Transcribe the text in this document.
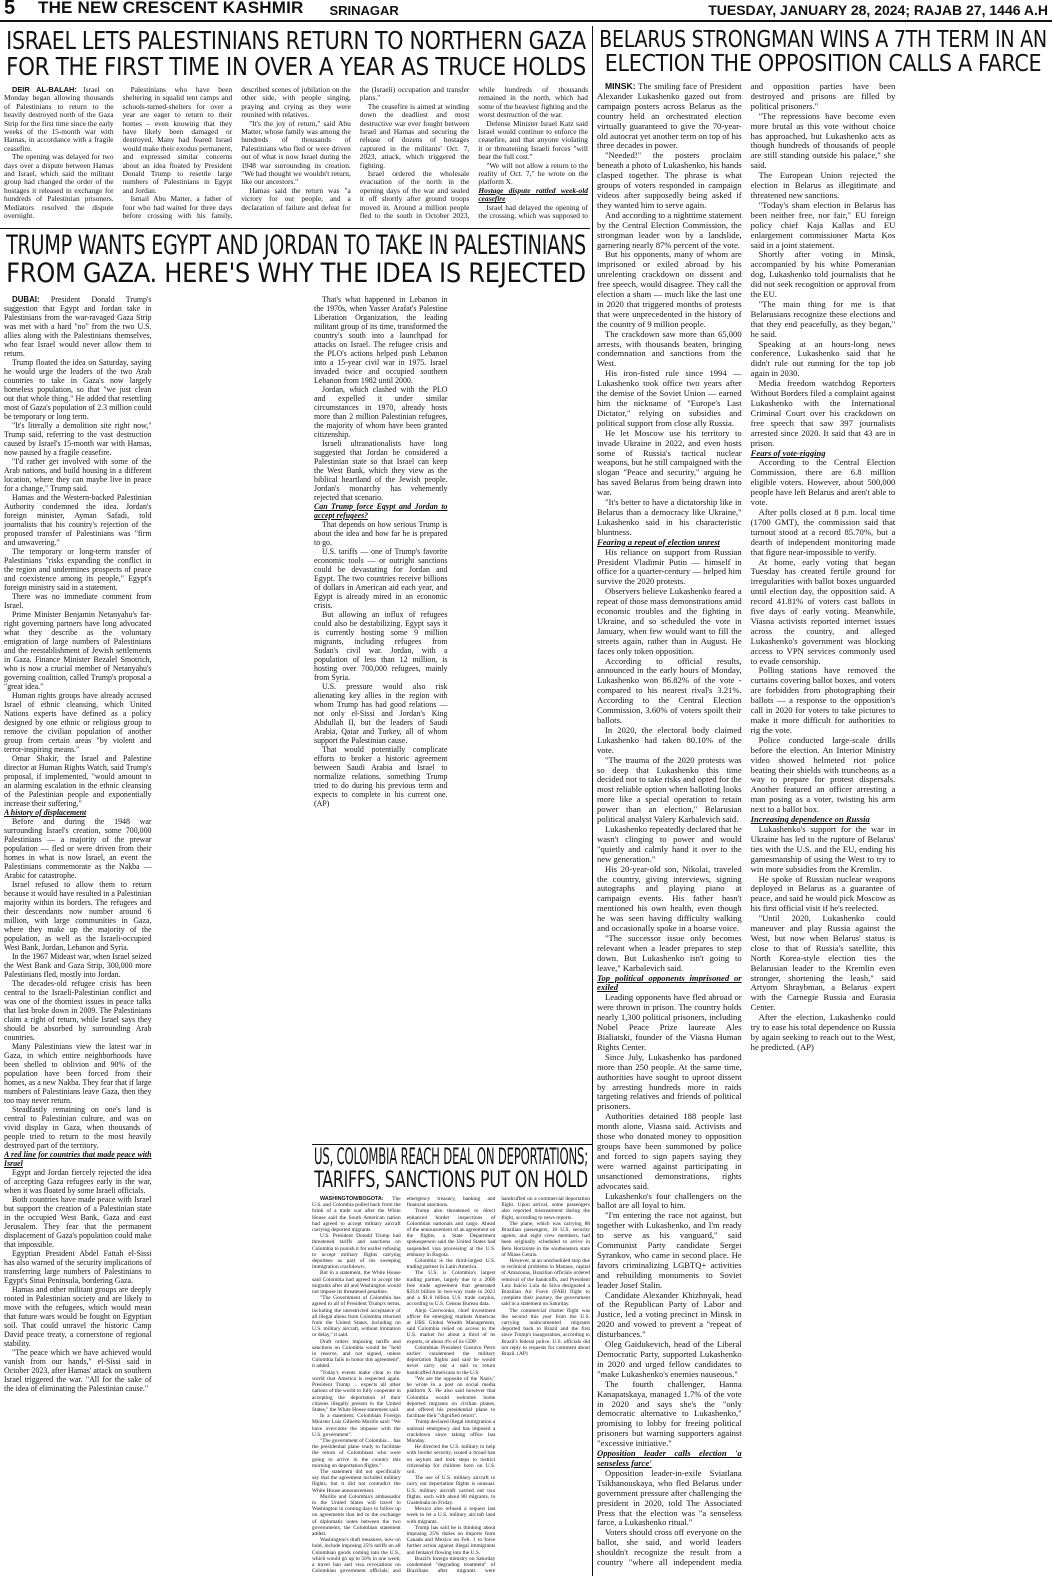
5	THE NEW CRESCENT KASHMIR SRINAGAR	TUESDAY, JANUARY 28, 2024; RAJAB 27, 1446 A.H
ISRAEL LETS PALESTINIANS RETURN TO NORTHERN GAZA
FOR THE FIRST TIME IN OVER A YEAR AS TRUCE HOLDS

DEIR AL-BALAH: Israel on Monday began allowing thousands of Palestinians to return to the heavily destroyed north of the Gaza Strip for the first time since the early weeks of the 15-month war with Hamas, in accordance with a fragile ceasefire.

The opening was delayed for two days over a dispute between Hamas and Israel, which said the militant group had changed the order of the hostages it released in exchange for hundreds of Palestinian prisoners. Mediators resolved the dispute overnight.

Palestinians who have been sheltering in squalid tent camps and schools-turned-shelters for over a year are eager to return to their homes – even knowing that they have likely been damaged or destroyed. Many had feared Israel would make their exodus permanent, and expressed similar concerns about an idea floated by President Donald Trump to resettle large numbers of Palestinians in Egypt and Jordan.

Ismail Abu Matter, a father of four who had waited for three days before crossing with his family, described scenes of jubilation on the other side, with people singing, praying and crying as they were reunited with relatives.

"It's the joy of return," said Abu Matter, whose family was among the hundreds of thousands of Palestinians who fled or were driven out of what is now Israel during the 1948 war surrounding its creation. "We had thought we wouldn't return, like our ancestors."

Hamas said the return was "a victory for our people, and a declaration of failure and defeat for the (Israeli) occupation and transfer plans."

The ceasefire is aimed at winding down the deadliest and most destructive war ever fought between Israel and Hamas and securing the release of dozens of hostages captured in the militants' Oct. 7, 2023, attack, which triggered the fighting.

Israel ordered the wholesale evacuation of the north in the opening days of the war and sealed it off shortly after ground troops moved in. Around a million people fled to the south in October 2023, while hundreds of thousands remained in the north, which had some of the heaviest fighting and the worst destruction of the war.

Defense Minister Israel Katz said Israel would continue to enforce the ceasefire, and that anyone violating it or threatening Israeli forces "will bear the full cost."

"We will not allow a return to the reality of Oct. 7," he wrote on the platform X.

Hostage dispute rattled week-old ceasefire

Israel had delayed the opening of the crossing, which was supposed to

BELARUS STRONGMAN WINS A 7TH TERM IN AN
ELECTION THE OPPOSITION CALLS A FARCE

MINSK: The smiling face of President Alexander Lukashenko gazed out from campaign posters across Belarus as the country held an orchestrated election virtually guaranteed to give the 70-year-old autocrat yet another term on top of his three decades in power.

"Needed!" the posters proclaim beneath a photo of Lukashenko, his hands clasped together. The phrase is what groups of voters responded in campaign videos after supposedly being asked if they wanted him to serve again.

And according to a nighttime statement by the Central Election Commission, the strongman leader won by a landslide, garnering nearly 87% percent of the vote.

But his opponents, many of whom are imprisoned or exiled abroad by his unrelenting crackdown on dissent and free speech, would disagree. They call the election a sham — much like the last one in 2020 that triggered months of protests that were unprecedented in the history of the country of 9 million people.

The crackdown saw more than 65,000 arrests, with thousands beaten, bringing condemnation and sanctions from the West.

His iron-fisted rule since 1994 — Lukashenko took office two years after the demise of the Soviet Union — earned him the nickname of "Europe's Last Dictator," relying on subsidies and political support from close ally Russia.

He let Moscow use his territory to invade Ukraine in 2022, and even hosts some of Russia's tactical nuclear weapons, but he still campaigned with the slogan "Peace and security," arguing he has saved Belarus from being drawn into war.

"It's better to have a dictatorship like in Belarus than a democracy like Ukraine," Lukashenko said in his characteristic bluntness.

Fearing a repeat of election unrest

His reliance on support from Russian President Vladimir Putin — himself in office for a quarter-century — helped him survive the 2020 protests.

Observers believe Lukashenko feared a repeat of those mass demonstrations amid economic troubles and the fighting in Ukraine, and so scheduled the vote in January, when few would want to fill the streets again, rather than in August. He faces only token opposition.

According to official results, announced in the early hours of Monday, Lukashenko won 86.82% of the vote - compared to his nearest rival's 3.21%. According to the Central Election Commission, 3.60% of voters spoilt their ballots.

In 2020, the electoral body claimed Lukashenko had taken 80.10% of the vote.

"The trauma of the 2020 protests was so deep that Lukashenko this time decided not to take risks and opted for the most reliable option when balloting looks more like a special operation to retain power than an election," Belarusian political analyst Valery Karbalevich said.

Lukashenko repeatedly declared that he wasn't clinging to power and would "quietly and calmly hand it over to the new generation."

His 20-year-old son, Nikolai, traveled the country, giving interviews, signing autographs and playing piano at campaign events. His father hasn't mentioned his own health, even though he was seen having difficulty walking and occasionally spoke in a hoarse voice.

"The successor issue only becomes relevant when a leader prepares to step down. But Lukashenko isn't going to leave," Karbalevich said.

Top political opponents imprisoned or exiled

Leading opponents have fled abroad or were thrown in prison. The country holds nearly 1,300 political prisoners, including Nobel Peace Prize laureate Ales Bialiatski, founder of the Viasna Human Rights Center.

Since July, Lukashenko has pardoned more than 250 people. At the same time, authorities have sought to uproot dissent by arresting hundreds more in raids targeting relatives and friends of political prisoners.

Authorities detained 188 people last month alone, Viasna said. Activists and those who donated money to opposition groups have been summoned by police and forced to sign papers saying they were warned against participating in unsanctioned demonstrations, rights advocates said.

Lukashenko's four challengers on the ballot are all loyal to him.

"I'm entering the race not against, but together with Lukashenko, and I'm ready to serve as his vanguard," said Communist Party candidate Sergei Syrankov, who came in second place. He favors criminalizing LGBTQ+ activities and rebuilding monuments to Soviet leader Josef Stalin.

Candidate Alexander Khizhnyak, head of the Republican Party of Labor and Justice, led a voting precinct in Minsk in 2020 and vowed to prevent a "repeat of disturbances."

Oleg Gaidukevich, head of the Liberal Democratic Party, supported Lukashenko in 2020 and urged fellow candidates to "make Lukashenko's enemies nauseous."

The fourth challenger, Hanna Kanapatskaya, managed 1.7% of the vote in 2020 and says she's the "only democratic alternative to Lukashenko," promising to lobby for freeing political prisoners but warning supporters against "excessive initiative."

Opposition leader calls election 'a senseless farce'

Opposition leader-in-exile Sviatlana Tsikhanouskaya, who fled Belarus under government pressure after challenging the president in 2020, told The Associated Press that the election was "a senseless farce, a Lukashenko ritual."

Voters should cross off everyone on the ballot, she said, and world leaders shouldn't recognize the result from a country "where all independent media and opposition parties have been destroyed and prisons are filled by political prisoners."

"The repressions have become even more brutal as this vote without choice has approached, but Lukashenko acts as though hundreds of thousands of people are still standing outside his palace," she said.

The European Union rejected the election in Belarus as illegitimate and threatened new sanctions.

"Today's sham election in Belarus has been neither free, nor fair," EU foreign policy chief Kaja Kallas and EU enlargement commissioner Marta Kos said in a joint statement.

Shortly after voting in Minsk, accompanied by his white Pomeranian dog, Lukashenko told journalists that he did not seek recognition or approval from the EU.

"The main thing for me is that Belarusians recognize these elections and that they end peacefully, as they began," he said.

Speaking at an hours-long news conference, Lukashenko said that he didn't rule out running for the top job again in 2030.

Media freedom watchdog Reporters Without Borders filed a complaint against Lukashenko with the International Criminal Court over his crackdown on free speech that saw 397 journalists arrested since 2020. It said that 43 are in prison.

Fears of vote-rigging

According to the Central Election Commission, there are 6.8 million eligible voters. However, about 500,000 people have left Belarus and aren't able to vote.

After polls closed at 8 p.m. local time (1700 GMT), the commission said that turnout stood at a record 85.70%, but a dearth of independent monitoring made that figure near-impossible to verify.

At home, early voting that began Tuesday has created fertile ground for irregularities with ballot boxes unguarded until election day, the opposition said. A record 41.81% of voters cast ballots in five days of early voting. Meanwhile, Viasna activists reported internet issues across the country, and alleged Lukashenko's government was blocking access to VPN services commonly used to evade censorship.

Polling stations have removed the curtains covering ballot boxes, and voters are forbidden from photographing their ballots — a response to the opposition's call in 2020 for voters to take pictures to make it more difficult for authorities to rig the vote.

Police conducted large-scale drills before the election. An Interior Ministry video showed helmeted riot police beating their shields with truncheons as a way to prepare for protest dispersals. Another featured an officer arresting a man posing as a voter, twisting his arm next to a ballot box.

Increasing dependence on Russia

Lukashenko's support for the war in Ukraine has led to the rupture of Belarus' ties with the U.S. and the EU, ending his gamesmanship of using the West to try to win more subsidies from the Kremlin.

He spoke of Russian nuclear weapons deployed in Belarus as a guarantee of peace, and said he would pick Moscow as his first official visit if he's reelected.

"Until 2020, Lukashenko could maneuver and play Russia against the West, but now when Belarus' status is close to that of Russia's satellite, this North Korea-style election ties the Belarusian leader to the Kremlin even stronger, shortening the leash," said Artyom Shraybman, a Belarus expert with the Carnegie Russia and Eurasia Center.

After the election, Lukashenko could try to ease his total dependence on Russia by again seeking to reach out to the West, he predicted. (AP)

TRUMP WANTS EGYPT AND JORDAN TO TAKE IN PALESTINIANS
FROM GAZA. HERE'S WHY THE IDEA IS REJECTED

DUBAI: President Donald Trump's suggestion that Egypt and Jordan take in Palestinians from the war-ravaged Gaza Strip was met with a hard "no" from the two U.S. allies along with the Palestinians themselves, who fear Israel would never allow them to return.

Trump floated the idea on Saturday, saying he would urge the leaders of the two Arab countries to take in Gaza's now largely homeless population, so that "we just clean out that whole thing." He added that resettling most of Gaza's population of 2.3 million could be temporary or long term.

"It's literally a demolition site right now," Trump said, referring to the vast destruction caused by Israel's 15-month war with Hamas, now paused by a fragile ceasefire.

"I'd rather get involved with some of the Arab nations, and build housing in a different location, where they can maybe live in peace for a change," Trump said.

Hamas and the Western-backed Palestinian Authority condemned the idea. Jordan's foreign minister, Ayman Safadi, told journalists that his country's rejection of the proposed transfer of Palestinians was "firm and unwavering."

The temporary or long-term transfer of Palestinians "risks expanding the conflict in the region and undermines prospects of peace and coexistence among its people," Egypt's foreign ministry said in a statement.

There was no immediate comment from Israel.

Prime Minister Benjamin Netanyahu's far-right governing partners have long advocated what they describe as the voluntary emigration of large numbers of Palestinians and the reestablishment of Jewish settlements in Gaza. Finance Minister Bezalel Smotrich, who is now a crucial member of Netanyahu's governing coalition, called Trump's proposal a "great idea."

Human rights groups have already accused Israel of ethnic cleansing, which United Nations experts have defined as a policy designed by one ethnic or religious group to remove the civilian population of another group from certain areas "by violent and terror-inspiring means."

Omar Shakir, the Israel and Palestine director at Human Rights Watch, said Trump's proposal, if implemented, "would amount to an alarming escalation in the ethnic cleansing of the Palestinian people and exponentially increase their suffering."

A history of displacement

Before and during the 1948 war surrounding Israel's creation, some 700,000 Palestinians — a majority of the prewar population — fled or were driven from their homes in what is now Israel, an event the Palestinians commemorate as the Nakba — Arabic for catastrophe.

Israel refused to allow them to return because it would have resulted in a Palestinian majority within its borders. The refugees and their descendants now number around 6 million, with large communities in Gaza, where they make up the majority of the population, as well as the Israeli-occupied West Bank, Jordan, Lebanon and Syria.

In the 1967 Mideast war, when Israel seized the West Bank and Gaza Strip, 300,000 more Palestinians fled, mostly into Jordan.

The decades-old refugee crisis has been central to the Israeli-Palestinian conflict and was one of the thorniest issues in peace talks that last broke down in 2009. The Palestinians claim a right of return, while Israel says they should be absorbed by surrounding Arab countries.

Many Palestinians view the latest war in Gaza, in which entire neighborhoods have been shelled to oblivion and 90% of the population have been forced from their homes, as a new Nakba. They fear that if large numbers of Palestinians leave Gaza, then they too may never return.

Steadfastly remaining on one's land is central to Palestinian culture, and was on vivid display in Gaza, when thousands of people tried to return to the most heavily destroyed part of the territory.

A red line for countries that made peace with Israel

Egypt and Jordan fiercely rejected the idea of accepting Gaza refugees early in the war, when it was floated by some Israeli officials.

Both countries have made peace with Israel but support the creation of a Palestinian state in the occupied West Bank, Gaza and east Jerusalem. They fear that the permanent displacement of Gaza's population could make that impossible.

Egyptian President Abdel Fattah el-Sissi has also warned of the security implications of transferring large numbers of Palestinians to Egypt's Sinai Peninsula, bordering Gaza.

Hamas and other militant groups are deeply rooted in Palestinian society and are likely to move with the refugees, which would mean that future wars would be fought on Egyptian soil. That could unravel the historic Camp David peace treaty, a cornerstone of regional stability.

"The peace which we have achieved would vanish from our hands," el-Sissi said in October 2023, after Hamas' attack on southern Israel triggered the war. "All for the sake of the idea of eliminating the Palestinian cause."

That's what happened in Lebanon in the 1970s, when Yasser Arafat's Palestine Liberation Organization, the leading militant group of its time, transformed the country's south into a launchpad for attacks on Israel. The refugee crisis and the PLO's actions helped push Lebanon into a 15-year civil war in 1975. Israel invaded twice and occupied southern Lebanon from 1982 until 2000.

Jordan, which clashed with the PLO and expelled it under similar circumstances in 1970, already hosts more than 2 million Palestinian refugees, the majority of whom have been granted citizenship.

Israeli ultranationalists have long suggested that Jordan be considered a Palestinian state so that Israel can keep the West Bank, which they view as the biblical heartland of the Jewish people. Jordan's monarchy has vehemently rejected that scenario.

Can Trump force Egypt and Jordan to accept refugees?

That depends on how serious Trump is about the idea and how far he is prepared to go.

U.S. tariffs — one of Trump's favorite economic tools — or outright sanctions could be devastating for Jordan and Egypt. The two countries receive billions of dollars in American aid each year, and Egypt is already mired in an economic crisis.

But allowing an influx of refugees could also be destabilizing. Egypt says it is currently hosting some 9 million migrants, including refugees from Sudan's civil war. Jordan, with a population of less than 12 million, is hosting over 700,000 refugees, mainly from Syria.

U.S. pressure would also risk alienating key allies in the region with whom Trump has had good relations — not only el-Sissi and Jordan's King Abdullah II, but the leaders of Saudi Arabia, Qatar and Turkey, all of whom support the Palestinian cause.

That would potentially complicate efforts to broker a historic agreement between Saudi Arabia and Israel to normalize relations, something Trump tried to do during his previous term and expects to complete in his current one. (AP)

US, COLOMBIA REACH DEAL ON DEPORTATIONS;
TARIFFS, SANCTIONS PUT ON HOLD

WASHINGTON/BOGOTA: The U.S. and Colombia pulled back from the brink of a trade war after the White House said the South American nation had agreed to accept military aircraft carrying deported migrants.

U.S. President Donald Trump had threatened tariffs and sanctions on Colombia to punish it for earlier refusing to accept military flights carrying deportees as part of his sweeping immigration crackdown.

But in a statement, the White House said Colombia had agreed to accept the migrants after all and Washington would not impose its threatened penalties.

"The Government of Colombia has agreed to all of President Trump's terms, including the unrestricted acceptance of all illegal aliens from Colombia returned from the United States, including on U.S. military aircraft, without limitation or delay," it said.

Draft orders imposing tariffs and sanctions on Colombia would be "held in reserve, and not signed, unless Colombia fails to honor this agreement", it added.

"Today's events make clear to the world that America is respected again. President Trump ... expects all other nations of the world to fully cooperate in accepting the deportation of their citizens illegally present in the United States," the White House statement said.

In a statement, Colombian Foreign Minister Luis Gilberto Murillo said: "We have overcome the impasse with the U.S. government".

"The government of Colombia ... has the presidential plane ready to facilitate the return of Colombians who were going to arrive in the country this morning on deportation flights."

The statement did not specifically say that the agreement included military flights, but it did not contradict the White House announcement.

Murillo and Colombia's ambassador to the United States will travel to Washington in coming days to follow up on agreements that led to the exchange of diplomatic notes between the two governments, the Colombian statement added.

Washington's draft measures, now on hold, include imposing 25% tariffs on all Colombian goods coming into the U.S., which would go up to 50% in one week; a travel ban and visa revocations on Colombian government officials; and emergency treasury, banking and financial sanctions.

Trump also threatened to direct enhanced border inspections of Colombian nationals and cargo. Ahead of the announcement of an agreement on the flights, a State Department spokesperson said the United States had suspended visa processing at the U.S. embassy in Bogota.

Colombia is the third-largest U.S. trading partner in Latin America.

The U.S. is Colombia's largest trading partner, largely due to a 2006 free trade agreement that generated $33.8 billion in two-way trade in 2023 and a $1.6 billion U.S. trade surplus, according to U.S. Census Bureau data.

Alejo Czerwonko, chief investment officer for emerging markets Americas at UBS Global Wealth Management, said Colombia relied on access to the U.S. market for about a third of its exports, or about 4% of its GDP.

Colombian President Gustavo Petro earlier condemned the military deportation flights and said he would never carry out a raid to return handcuffed Americans to the U.S.

"We are the opposite of the Nazis," he wrote in a post on social media platform X. He also said however that Colombia would welcome home deported migrants on civilian planes, and offered his presidential plane to facilitate their "dignified return".

Trump declared illegal immigration a national emergency and has imposed a crackdown since taking office last Monday.

He directed the U.S. military to help with border security, issued a broad ban on asylum and took steps to restrict citizenship for children born on U.S. soil.

The use of U.S. military aircraft to carry out deportation flights is unusual. U.S. military aircraft carried out two flights, each with about 80 migrants, to Guatemala on Friday.

Mexico also refused a request last week to let a U.S. military aircraft land with migrants.

Trump has said he is thinking about imposing 25% duties on imports from Canada and Mexico on Feb. 1 to force further action against illegal immigrants and fentanyl flowing into the U.S.

Brazil's foreign ministry on Saturday condemned "degrading treatment" of Brazilians after migrants were handcuffed on a commercial deportation flight. Upon arrival, some passengers also reported mistreatment during the flight, according to news reports.

The plane, which was carrying 88 Brazilian passengers, 16 U.S. security agents, and eight crew members, had been originally scheduled to arrive in Belo Horizonte in the southeastern state of Minas Gerais.

However, at an unscheduled stop due to technical problems in Manaus, capital of Amazonas, Brazilian officials ordered removal of the handcuffs, and President Luiz Inácio Lula da Silva designated a Brazilian Air Force (FAB) flight to complete their journey, the government said in a statement on Saturday.

The commercial charter flight was the second this year from the U.S. carrying undocumented migrants deported back to Brazil and the first since Trump's inauguration, according to Brazil's federal police. U.S. officials did not reply to requests for comment about Brazil. (AP)
